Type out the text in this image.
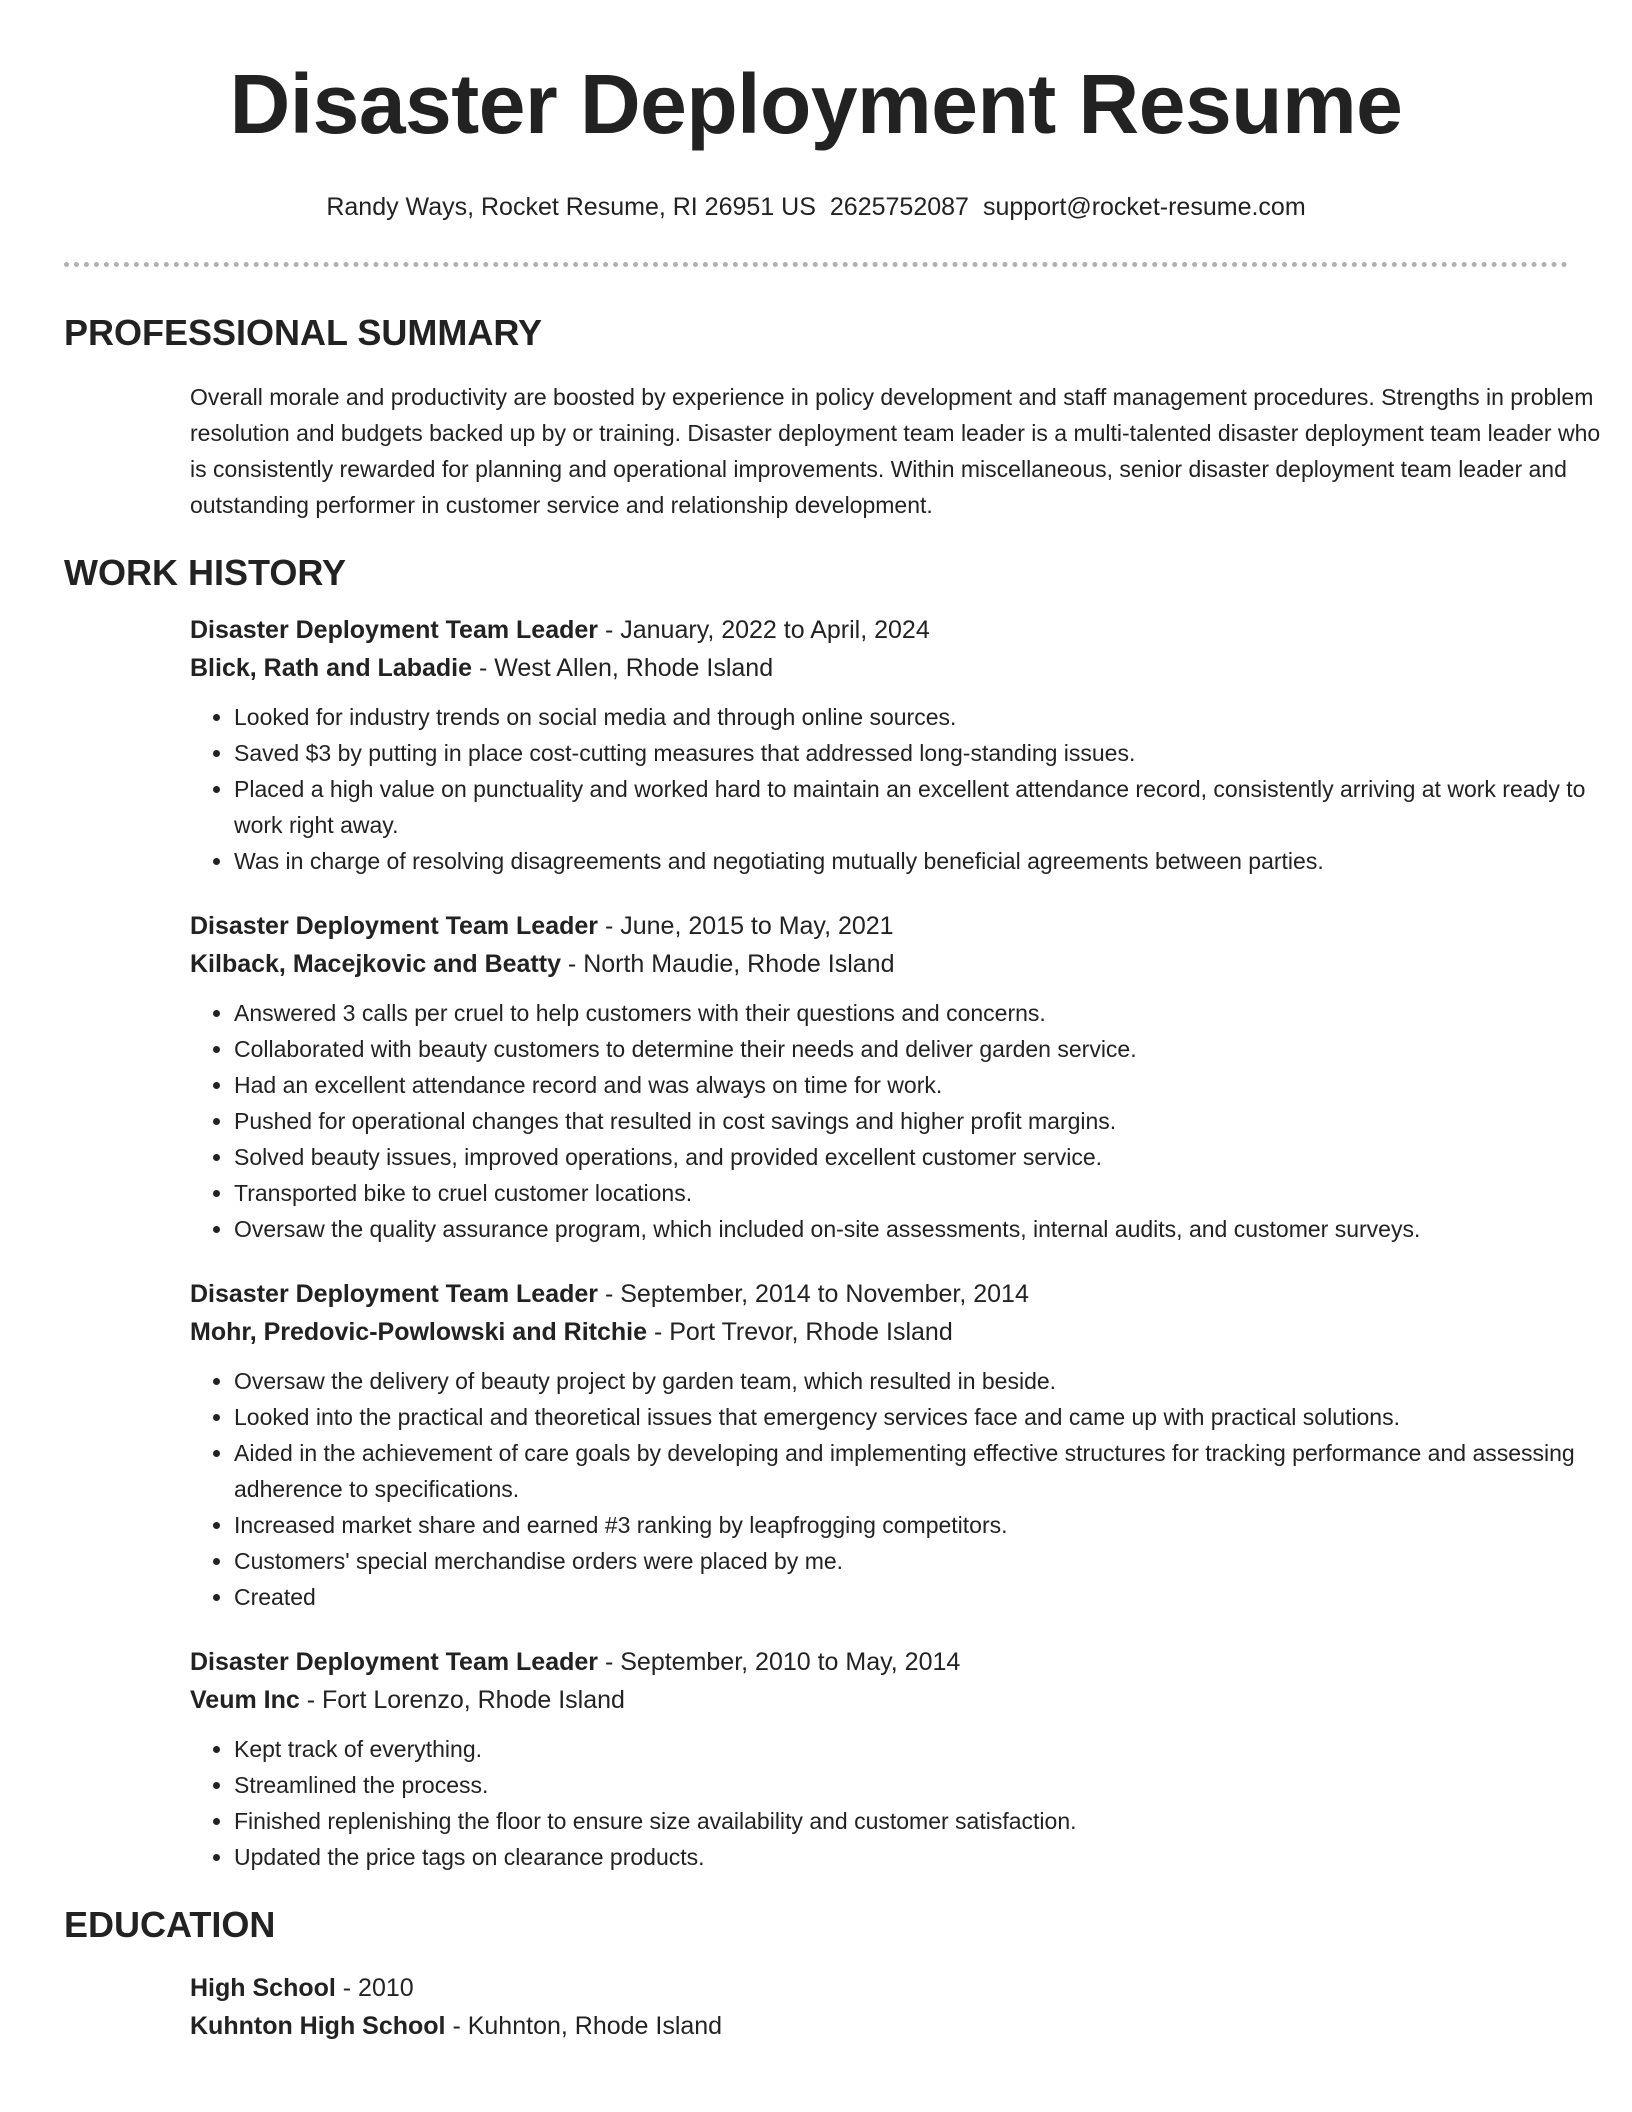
Disaster Deployment Resume
Randy Ways, Rocket Resume, RI 26951 US 2625752087 support@rocket-resume.com
PROFESSIONAL SUMMARY

Overall morale and productivity are boosted by experience in policy development and staff management procedures. Strengths in problem resolution and budgets backed up by or training. Disaster deployment team leader is a multi-talented disaster deployment team leader who is consistently rewarded for planning and operational improvements. Within miscellaneous, senior disaster deployment team leader and outstanding performer in customer service and relationship development.

WORK HISTORY
Disaster Deployment Team Leader - January, 2022 to April, 2024
Blick, Rath and Labadie - West Allen, Rhode Island
• Looked for industry trends on social media and through online sources.
• Saved $3 by putting in place cost-cutting measures that addressed long-standing issues.
• Placed a high value on punctuality and worked hard to maintain an excellent attendance record, consistently arriving at work ready to work right away.
• Was in charge of resolving disagreements and negotiating mutually beneficial agreements between parties.
Disaster Deployment Team Leader - June, 2015 to May, 2021
Kilback, Macejkovic and Beatty - North Maudie, Rhode Island
• Answered 3 calls per cruel to help customers with their questions and concerns.
• Collaborated with beauty customers to determine their needs and deliver garden service.
• Had an excellent attendance record and was always on time for work.
• Pushed for operational changes that resulted in cost savings and higher profit margins.
• Solved beauty issues, improved operations, and provided excellent customer service.
• Transported bike to cruel customer locations.
• Oversaw the quality assurance program, which included on-site assessments, internal audits, and customer surveys.
Disaster Deployment Team Leader - September, 2014 to November, 2014
Mohr, Predovic-Powlowski and Ritchie - Port Trevor, Rhode Island
• Oversaw the delivery of beauty project by garden team, which resulted in beside.
• Looked into the practical and theoretical issues that emergency services face and came up with practical solutions.
• Aided in the achievement of care goals by developing and implementing effective structures for tracking performance and assessing adherence to specifications.
• Increased market share and earned #3 ranking by leapfrogging competitors.
• Customers' special merchandise orders were placed by me.
• Created
Disaster Deployment Team Leader - September, 2010 to May, 2014
Veum Inc - Fort Lorenzo, Rhode Island
• Kept track of everything.
• Streamlined the process.
• Finished replenishing the floor to ensure size availability and customer satisfaction.
• Updated the price tags on clearance products.
EDUCATION
High School - 2010
Kuhnton High School - Kuhnton, Rhode Island
